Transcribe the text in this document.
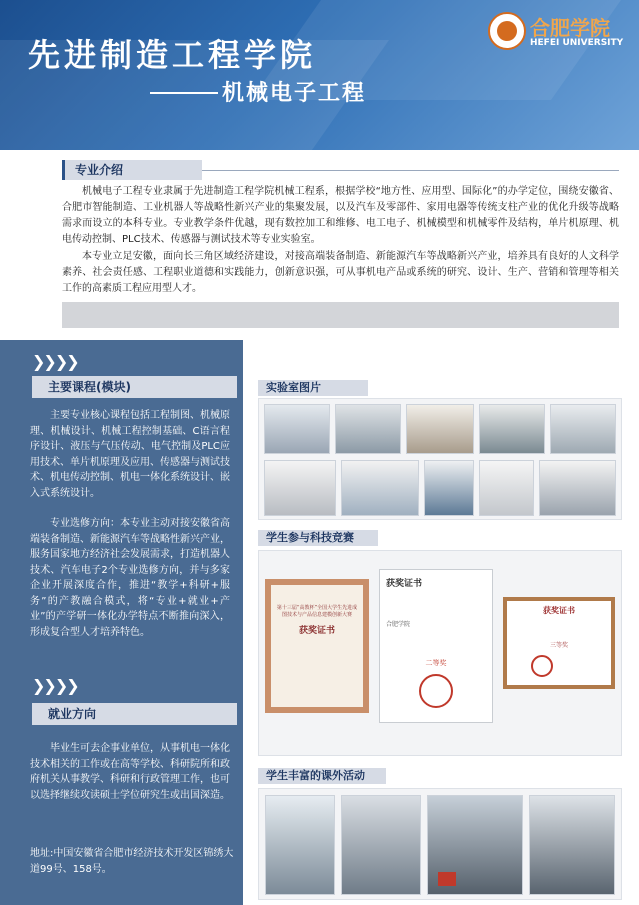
先进制造工程学院
机械电子工程
合肥学院
HEFEI UNIVERSITY
专业介绍
机械电子工程专业隶属于先进制造工程学院机械工程系，根据学校“地方性、应用型、国际化”的办学定位，围绕安徽省、合肥市智能制造、工业机器人等战略性新兴产业的集聚发展，以及汽车及零部件、家用电器等传统支柱产业的优化升级等战略需求而设立的本科专业。专业教学条件优越，现有数控加工和维修、电工电子、机械模型和机械零件及结构，单片机原理、机电传动控制、PLC技术、传感器与测试技术等专业实验室。
本专业立足安徽，面向长三角区域经济建设，对接高端装备制造、新能源汽车等战略新兴产业，培养具有良好的人文科学素养、社会责任感、工程职业道德和实践能力，创新意识强，可从事机电产品或系统的研究、设计、生产、营销和管理等相关工作的高素质工程应用型人才。
❯❯❯❯
主要课程(模块)
主要专业核心课程包括工程制图、机械原理、机械设计、机械工程控制基础、C语言程序设计、液压与气压传动、电气控制及PLC应用技术、单片机原理及应用、传感器与测试技术、机电传动控制、机电一体化系统设计、嵌入式系统设计。
专业选修方向：本专业主动对接安徽省高端装备制造、新能源汽车等战略性新兴产业，服务国家地方经济社会发展需求，打造机器人技术、汽车电子2个专业选修方向，并与多家企业开展深度合作，推进“教学+科研+服务”的产教融合模式，将“专业+就业+产业”的产学研一体化办学特点不断推向深入，形成复合型人才培养特色。
❯❯❯❯
就业方向
毕业生可去企事业单位，从事机电一体化技术相关的工作或在高等学校、科研院所和政府机关从事教学、科研和行政管理工作，也可以选择继续攻读硕士学位研究生或出国深造。
地址:中国安徽省合肥市经济技术开发区锦绣大道99号、158号。
实验室图片
学生参与科技竞赛
第十三届“高教杯”全国大学生先进成图技术与产品信息建模创新大赛
获奖证书
获奖证书
合肥学院
二等奖
获奖证书
三等奖
学生丰富的课外活动
